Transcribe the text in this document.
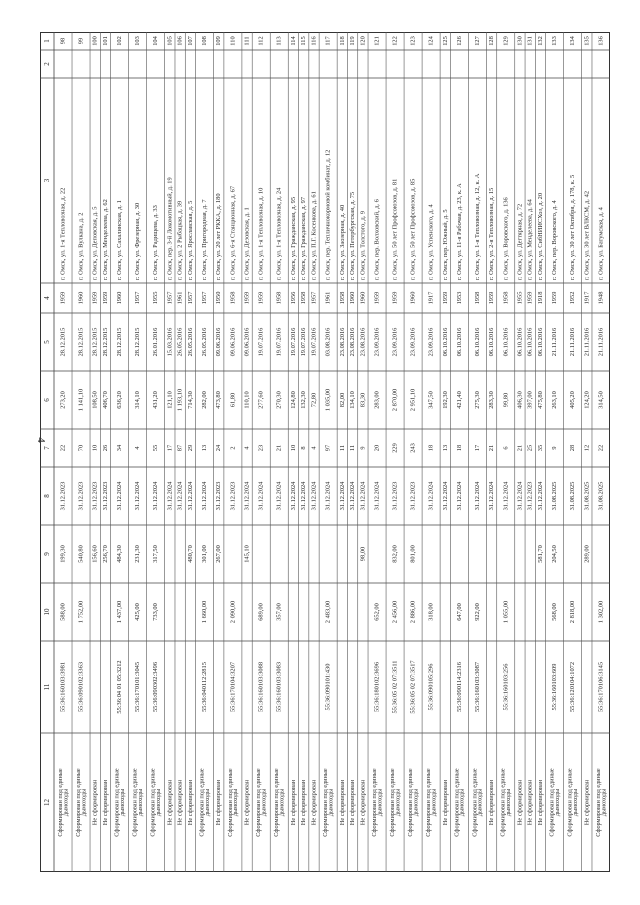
4
1
2
3
4
5
6
7
8
9
10
11
12
98
г. Омск, ул. 1-я Тепловозная, д. 22
1959
28.12.2015
273,20
22
31.12.2023
199,30
588,00
55:36:160103:3981
Сформирован под единые
дымоходы
99
г. Омск, ул. Вулкана, д. 2
1960
28.12.2015
1 141,10
70
31.12.2023
540,80
1 752,00
55:36:090102:3363
Сформирован под единые
дымоходы
100
г. Омск, ул. Деповская, д. 5
1959
28.12.2015
108,50
10
31.12.2023
156,60
Не сформирован
101
г. Омск, ул. Менделеева, д. 62
1959
28.12.2015
406,70
26
31.12.2023
256,70
Не сформирован
102
г. Омск, ул. Сахалинская, д. 1
1960
28.12.2015
636,20
34
31.12.2024
484,30
1 437,00
55:36:04 01 05:3212
Сформирован под единые
дымоходы
103
г. Омск, ул. Фрезерная, д. 30
1957
28.12.2015
314,10
4
31.12.2024
231,30
425,00
55:36:170101:3045
Сформирован под единые
дымоходы
104
г. Омск, ул. Радищева, д. 33
1955
26.01.2016
431,20
55
31.12.2024
317,50
733,00
55:36:090302:3496
Сформирован под единые
дымоходы
105
г. Омск, пер. 3-й Локомотивный, д. 19
1957
15.03.2016
121,10
17
31.12.2024
Не сформирован
106
г. Омск, ул. 2 Рыбацкая, д. 39
1961
26.05.2016
1 193,10
87
31.12.2024
Не сформирован
107
г. Омск, ул. Ярославская, д. 5
1957
26.05.2016
714,30
29
31.12.2024
480,70
Не сформирован
108
г. Омск, ул. Пригородная, д. 7
1957
26.05.2016
282,00
13
31.12.2024
301,00
1 660,00
55:36:040112:2815
Сформирован под единые
дымоходы
109
г. Омск, ул. 20 лет РККА, д. 180
1950
09.06.2016
473,80
24
31.12.2023
267,00
Не сформирован
110
г. Омск, ул. 6-я Станционная, д. 67
1958
09.06.2016
61,80
2
31.12.2023
2 090,00
55:36:170104:3207
Сформирован под единые
дымоходы
111
г. Омск, ул. Дезовская, д. 1
1959
09.06.2016
110,10
4
31.12.2024
145,10
Не сформирован
112
г. Омск, ул. 1-я Тепловозная, д. 10
1959
19.07.2016
277,60
23
31.12.2024
689,00
55:36:160103:3088
Сформирован под единые
дымоходы
113
г. Омск, ул. 1-я Тепловозная, д. 24
1958
19.07.2016
270,30
21
31.12.2024
357,00
55:36:160103:3083
Сформирован под единые
дымоходы
114
г. Омск, ул. Гражданская, д. 95
1956
19.07.2016
124,80
10
31.12.2024
Не сформирован
115
г. Омск, ул. Гражданская, д. 97
1958
19.07.2016
132,30
8
31.12.2024
Не сформирован
116
г. Омск, ул. П.Г. Косенкова, д. 61
1957
19.07.2016
72,80
4
31.12.2024
Не сформирован
117
г. Омск, пер. Тепличнокормовой комбинат, д. 12
1961
03.08.2016
1 035,00
97
31.12.2024
2 483,00
55:36:090101:430
Сформирован под единые
дымоходы
118
г. Омск, ул. Заозерная, д. 40
1958
23.08.2016
82,00
11
31.12.2024
Не сформирован
119
г. Омск, ул. Петербургская, д. 75
1960
23.08.2016
134,10
11
31.12.2024
Не сформирован
120
г. Омск, ул. Толстого, д. 9
1960
23.08.2016
83,30
9
31.12.2024
98,00
Не сформирован
121
г. Омск, пер. Волховский, д. 6
1959
23.09.2016
283,00
20
31.12.2024
652,00
55:36:180102:3696
Сформирован под единые
дымоходы
122
г. Омск, ул. 50 лет Профсоюзов, д. 81
1959
23.09.2016
2 870,00
229
31.12.2023
832,00
2 456,00
55:36:05 02 07:3511
Сформирован под единые
дымоходы
123
г. Омск, ул. 50 лет Профсоюзов, д. 85
1960
23.09.2016
2 951,10
243
31.12.2023
801,00
2 886,00
55:36:05 02 07:3517
Сформирован под единые
дымоходы
124
г. Омск, ул. Успенского, д. 4
1917
23.09.2016
347,50
18
31.12.2024
318,00
55:36:090105:296
Сформирован под единые
дымоходы
125
г. Омск, пер. Южный, д. 5
1959
06.10.2016
192,30
13
31.12.2024
Не сформирован
126
г. Омск, ул. 11-я Рабочая, д. 23, к. А
1953
06.10.2016
421,40
18
31.12.2024
647,00
55:36:090114:2316
Сформирован под единые
дымоходы
127
г. Омск, ул. 1-я Тепловозная, д. 12, к. А
1958
06.10.2016
275,30
17
31.12.2024
922,00
55:36:160103:3087
Сформирован под единые
дымоходы
128
г. Омск, ул. 2-я Тепловозная, д. 15
1959
06.10.2016
283,30
21
31.12.2024
Не сформирован
129
г. Омск, ул. Воровского, д. 136
1958
06.10.2016
99,80
6
31.12.2024
1 055,00
55:36:160103:256
Сформирован под единые
дымоходы
130
г. Омск, ул. Дегтярная, д. 72
1955
06.10.2016
406,30
21
31.12.2024
Не сформирован
131
г. Омск, ул. Менделеева, д. 64
1959
06.10.2016
397,00
25
31.12.2023
Не сформирован
132
г. Омск, ул. СибНИИСХоз, д. 20
1918
06.10.2016
475,80
35
31.12.2024
581,70
Не сформирован
133
г. Омск, пер. Воровского, д. 4
1959
21.11.2016
263,10
9
31.08.2025
204,50
568,00
55:36:160103:609
Сформирован под единые
дымоходы
134
г. Омск, ул. 30 лет Октября, д. 178, к. 5
1952
21.11.2016
405,20
28
31.08.2025
2 818,00
55:36:120104:1072
Сформирован под единые
дымоходы
135
г. Омск, ул. 30 лет ВЛКСМ, д. 42
1917
21.11.2016
124,20
12
31.08.2025
289,00
Не сформирован
136
г. Омск, ул. Батумская, д. 4
1948
21.11.2016
314,50
22
31.08.2025
1 302,00
55:36:170106:3145
Сформирован под единые
дымоходы
